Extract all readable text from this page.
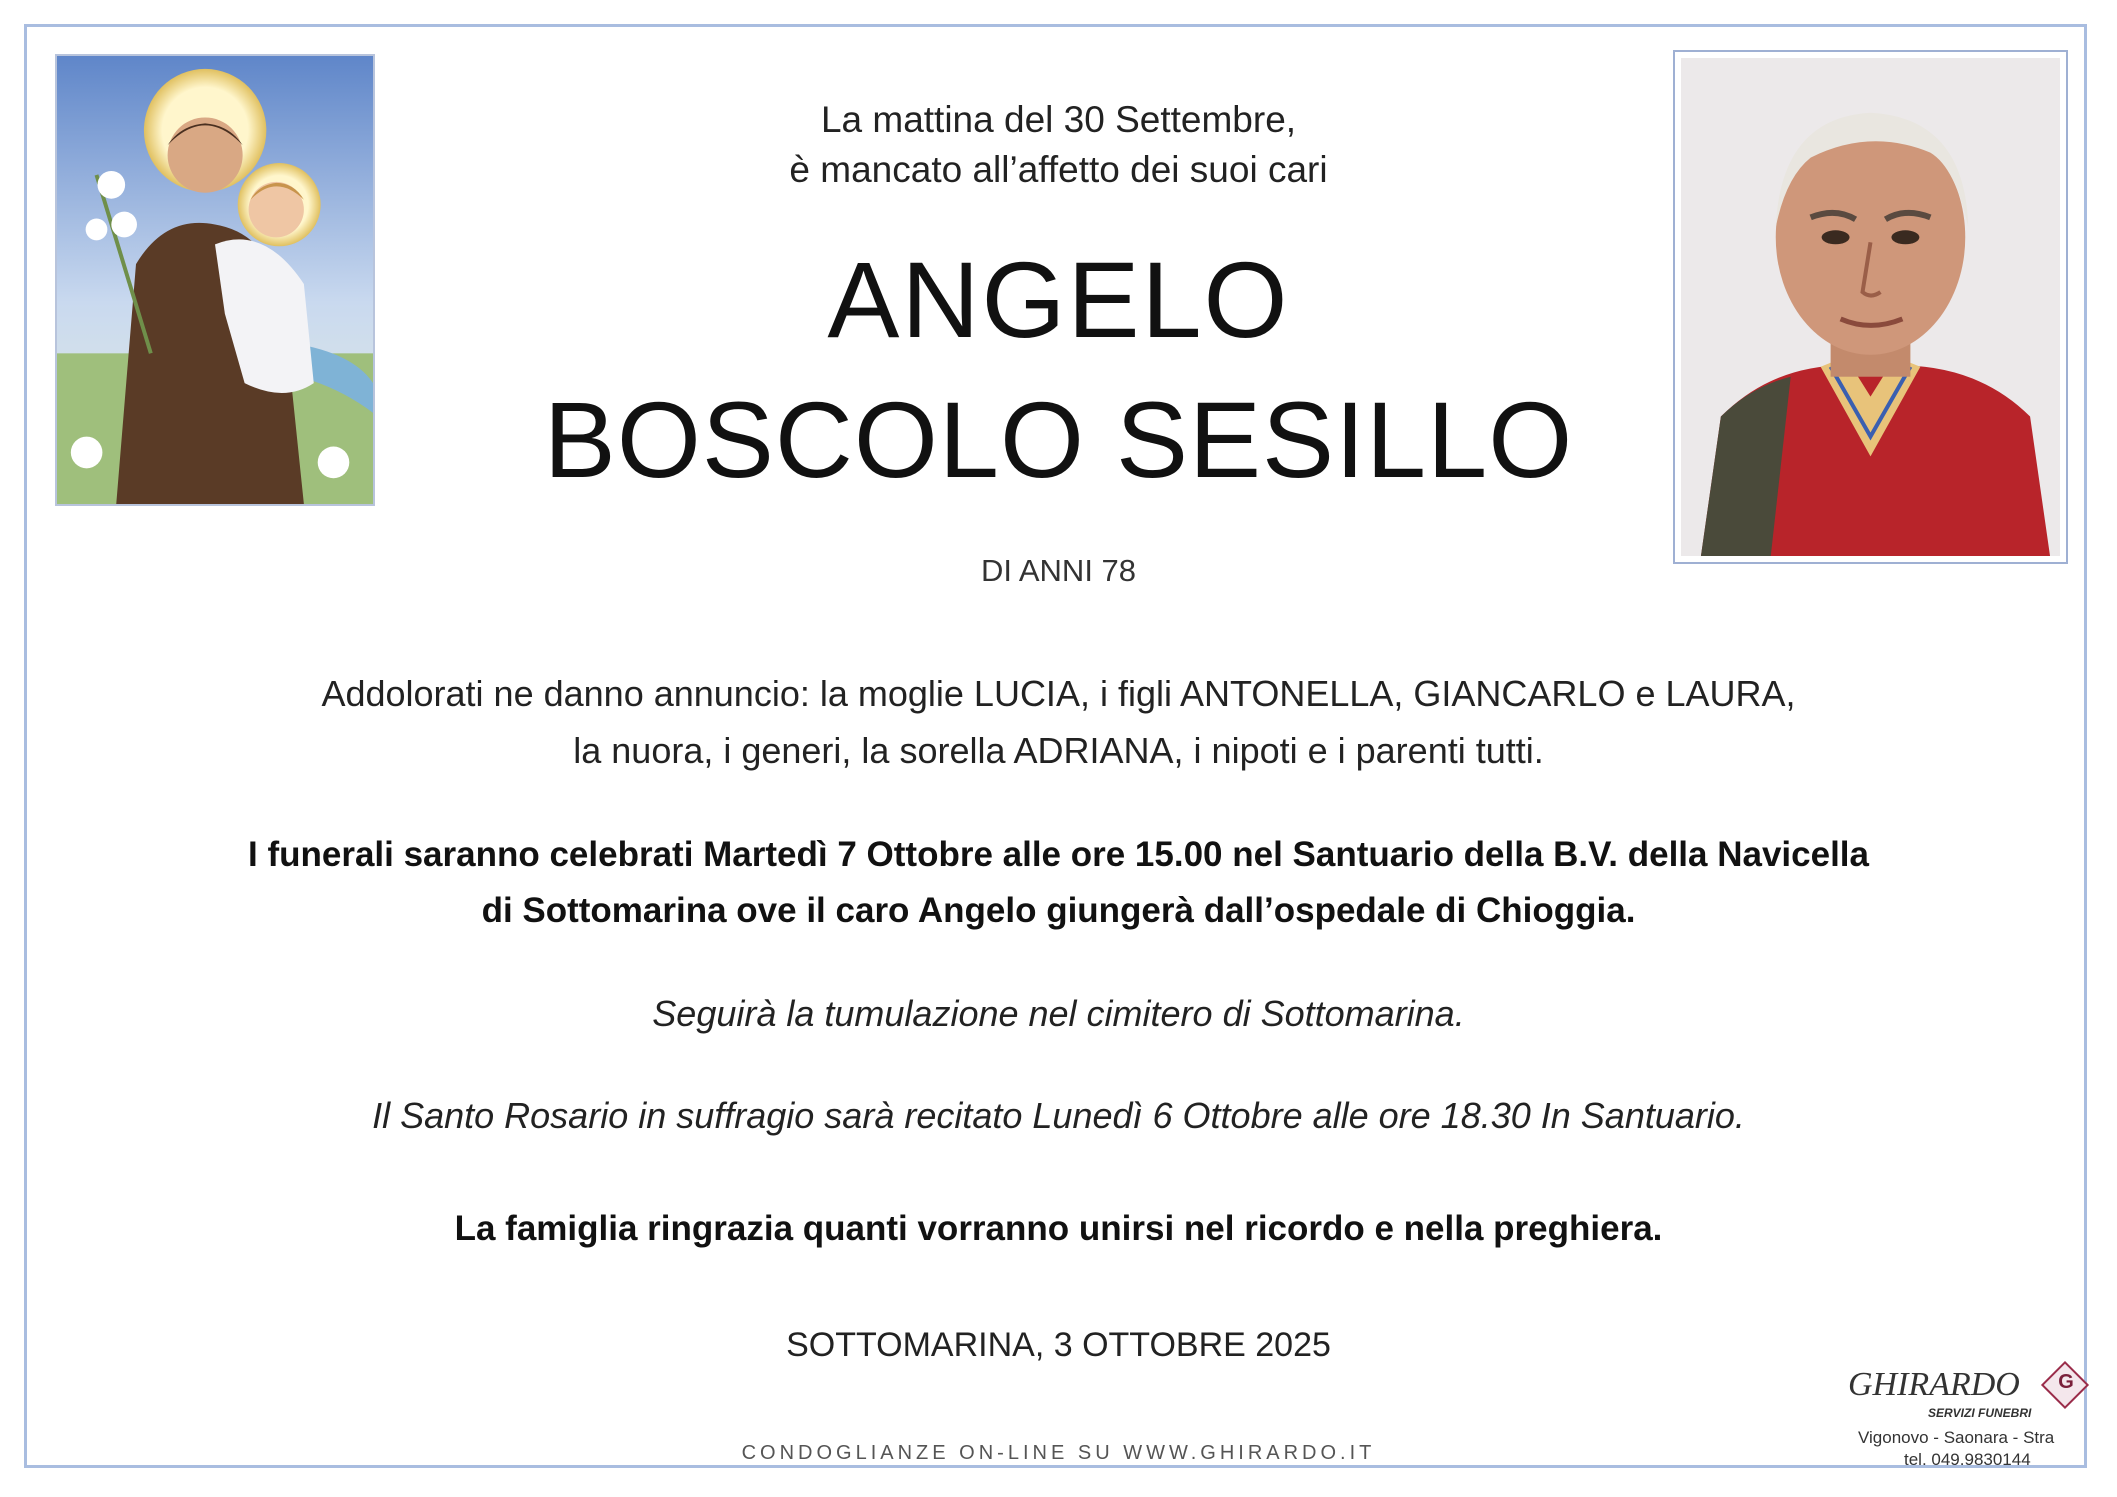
La mattina del 30 Settembre,
è mancato all’affetto dei suoi cari
ANGELO
BOSCOLO SESILLO
DI ANNI 78
Addolorati ne danno annuncio: la moglie LUCIA, i figli ANTONELLA, GIANCARLO e LAURA,
la nuora, i generi, la sorella ADRIANA, i nipoti e i parenti tutti.
I funerali saranno celebrati Martedì 7 Ottobre alle ore 15.00 nel Santuario della B.V. della Navicella
di Sottomarina ove il caro Angelo giungerà dall’ospedale di Chioggia.
Seguirà la tumulazione nel cimitero di Sottomarina.
Il Santo Rosario in suffragio sarà recitato Lunedì 6 Ottobre alle ore 18.30 In Santuario.
La famiglia ringrazia quanti vorranno unirsi nel ricordo e nella preghiera.
SOTTOMARINA, 3 OTTOBRE 2025
CONDOGLIANZE ON-LINE SU WWW.GHIRARDO.IT
GHIRARDO
SERVIZI FUNEBRI
G
Vigonovo - Saonara - Stra
tel. 049.9830144
